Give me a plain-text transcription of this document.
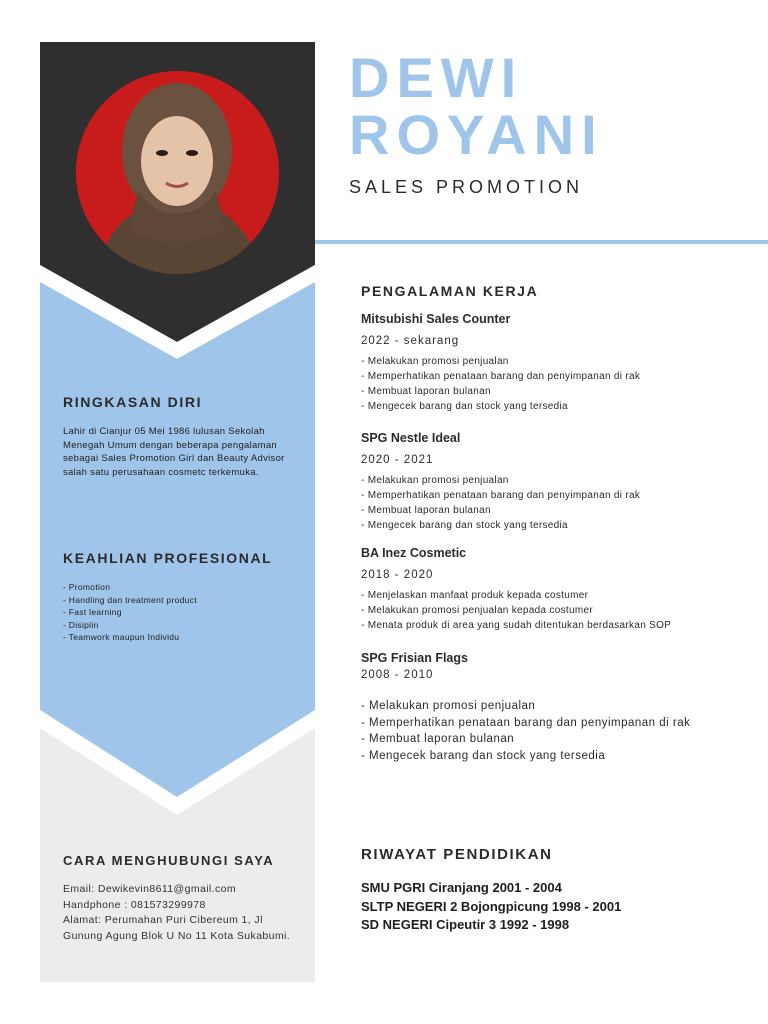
RINGKASAN DIRI
Lahir di Cianjur 05 Mei 1986 lulusan Sekolah Menegah Umum dengan beberapa pengalaman sebagai Sales Promotion Girl dan Beauty Advisor salah satu perusahaan cosmetc terkemuka.
KEAHLIAN PROFESIONAL
- Promotion
- Handling dan treatment product
- Fast learning
- Disiplin
- Teamwork maupun Individu
CARA MENGHUBUNGI SAYA
Email: Dewikevin8611@gmail.com
Handphone : 081573299978
Alamat: Perumahan Puri Cibereum 1, Jl Gunung Agung Blok U No 11 Kota Sukabumi.
DEWI
ROYANI
SALES PROMOTION
PENGALAMAN KERJA
Mitsubishi Sales Counter
2022 - sekarang
- Melakukan promosi penjualan
- Memperhatikan penataan barang dan penyimpanan di rak
- Membuat laporan bulanan
- Mengecek barang dan stock yang tersedia
SPG Nestle Ideal
2020 - 2021
- Melakukan promosi penjualan
- Memperhatikan penataan barang dan penyimpanan di rak
- Membuat laporan bulanan
- Mengecek barang dan stock yang tersedia
BA Inez Cosmetic
2018 - 2020
- Menjelaskan manfaat produk kepada costumer
- Melakukan promosi penjualan kepada costumer
- Menata produk di area yang sudah ditentukan berdasarkan SOP
SPG Frisian Flags
2008 - 2010
- Melakukan promosi penjualan
- Memperhatikan penataan barang dan penyimpanan di rak
- Membuat laporan bulanan
- Mengecek barang dan stock yang tersedia
RIWAYAT PENDIDIKAN
SMU PGRI Ciranjang 2001 - 2004
SLTP NEGERI 2 Bojongpicung 1998 - 2001
SD NEGERI Cipeutir 3 1992 - 1998
